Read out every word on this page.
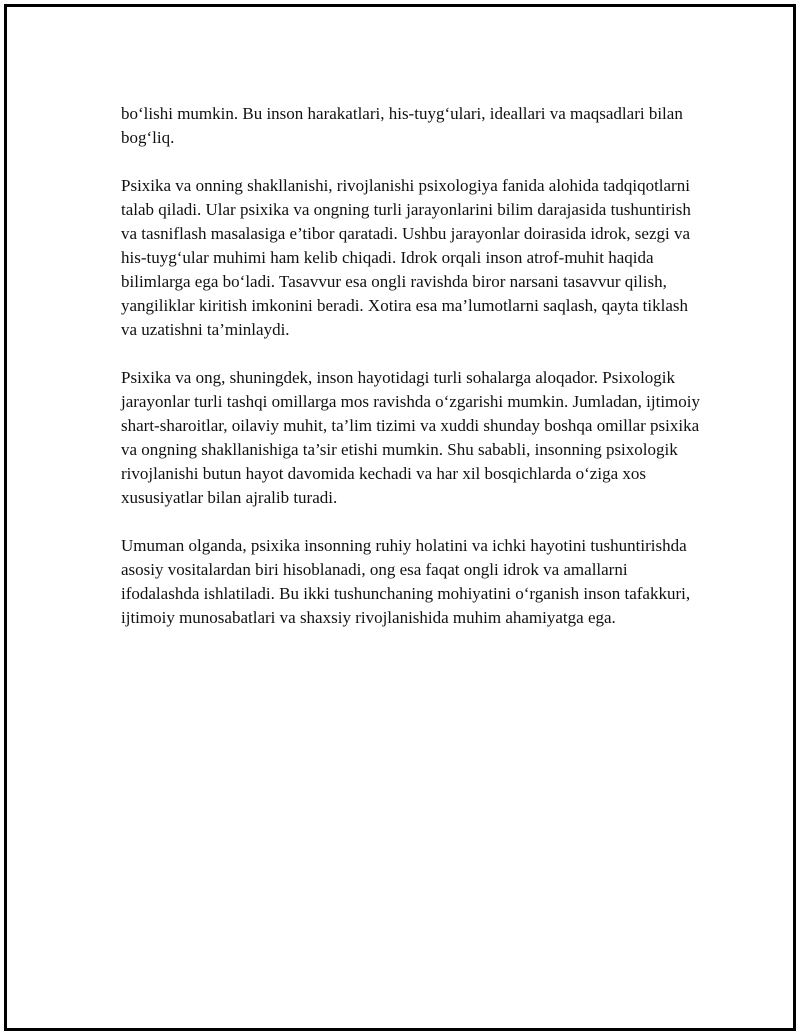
bo‘lishi mumkin. Bu inson harakatlari, his-tuyg‘ulari, ideallari va maqsadlari bilan bog‘liq.

Psixika va onning shakllanishi, rivojlanishi psixologiya fanida alohida tadqiqotlarni talab qiladi. Ular psixika va ongning turli jarayonlarini bilim darajasida tushuntirish va tasniflash masalasiga e’tibor qaratadi. Ushbu jarayonlar doirasida idrok, sezgi va his-tuyg‘ular muhimi ham kelib chiqadi. Idrok orqali inson atrof-muhit haqida bilimlarga ega bo‘ladi. Tasavvur esa ongli ravishda biror narsani tasavvur qilish, yangiliklar kiritish imkonini beradi. Xotira esa ma’lumotlarni saqlash, qayta tiklash va uzatishni ta’minlaydi.

Psixika va ong, shuningdek, inson hayotidagi turli sohalarga aloqador. Psixologik jarayonlar turli tashqi omillarga mos ravishda o‘zgarishi mumkin. Jumladan, ijtimoiy shart-sharoitlar, oilaviy muhit, ta’lim tizimi va xuddi shunday boshqa omillar psixika va ongning shakllanishiga ta’sir etishi mumkin. Shu sababli, insonning psixologik rivojlanishi butun hayot davomida kechadi va har xil bosqichlarda o‘ziga xos xususiyatlar bilan ajralib turadi.

Umuman olganda, psixika insonning ruhiy holatini va ichki hayotini tushuntirishda asosiy vositalardan biri hisoblanadi, ong esa faqat ongli idrok va amallarni ifodalashda ishlatiladi. Bu ikki tushunchaning mohiyatini o‘rganish inson tafakkuri, ijtimoiy munosabatlari va shaxsiy rivojlanishida muhim ahamiyatga ega.
